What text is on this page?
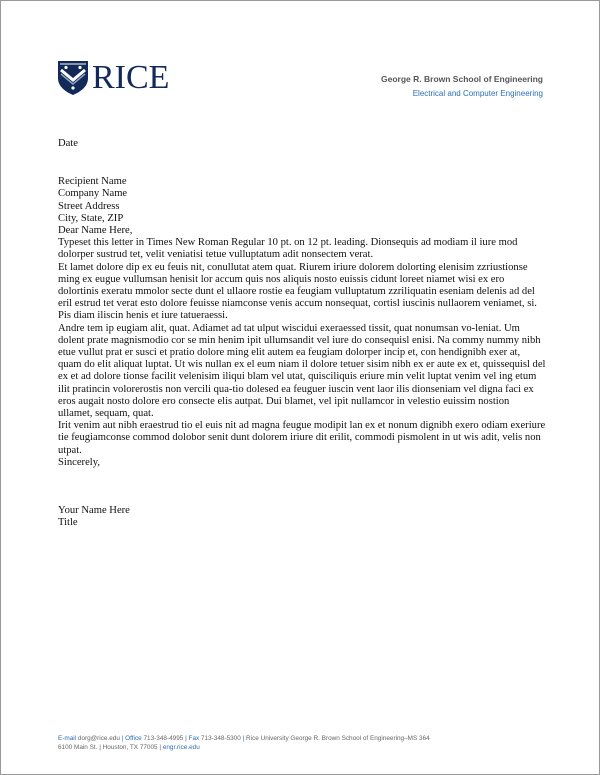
RICE	George R. Brown School of Engineering
Electrical and Computer Engineering

Date

Recipient Name

Company Name

Street Address

City, State, ZIP

Dear Name Here,

Typeset this letter in Times New Roman Regular 10 pt. on 12 pt. leading. Dionsequis ad modiam il iure mod dolorper sustrud tet, velit veniatisi tetue vulluptatum adit nonsectem verat.

Et lamet dolore dip ex eu feuis nit, conullutat atem quat. Riurem iriure dolorem dolorting elenisim zzriustionse ming ex eugue vullumsan henisit lor accum quis nos aliquis nosto euissis cidunt loreet niamet wisi ex ero dolortinis exeratu mmolor secte dunt el ullaore rostie ea feugiam vulluptatum zzriliquatin eseniam delenis ad del eril estrud tet verat esto dolore feuisse niamconse venis accum nonsequat, cortisl iuscinis nullaorem veniamet, si. Pis diam iliscin henis et iure tatueraessi.

Andre tem ip eugiam alit, quat. Adiamet ad tat ulput wiscidui exeraessed tissit, quat nonumsan vo-leniat. Um dolent prate magnismodio cor se min henim ipit ullumsandit vel iure do consequisl enisi. Na commy nummy nibh etue vullut prat er susci et pratio dolore ming elit autem ea feugiam dolorper incip et, con hendignibh exer at, quam do elit aliquat luptat. Ut wis nullan ex el eum niam il dolore tetuer sisim nibh ex er aute ex et, quissequisl del ex et ad dolore tionse facilit velenisim iliqui blam vel utat, quisciliquis eriure min velit luptat venim vel ing etum ilit pratincin volorerostis non vercili qua-tio dolesed ea feuguer iuscin vent laor ilis dionseniam vel digna faci ex eros augait nosto dolore ero consecte elis autpat. Dui blamet, vel ipit nullamcor in velestio euissim nostion ullamet, sequam, quat.

Irit venim aut nibh eraestrud tio el euis nit ad magna feugue modipit lan ex et nonum dignibh exero odiam exeriure tie feugiamconse commod dolobor senit dunt dolorem iriure dit erilit, commodi pismolent in ut wis adit, velis non utpat.

Sincerely,

Your Name Here

Title

E-mail dorg@rice.edu | Office 713-348-4995 | Fax 713-348-5300 | Rice University George R. Brown School of Engineering–MS 364
6100 Main St. | Houston, TX 77005 | engr.rice.edu
